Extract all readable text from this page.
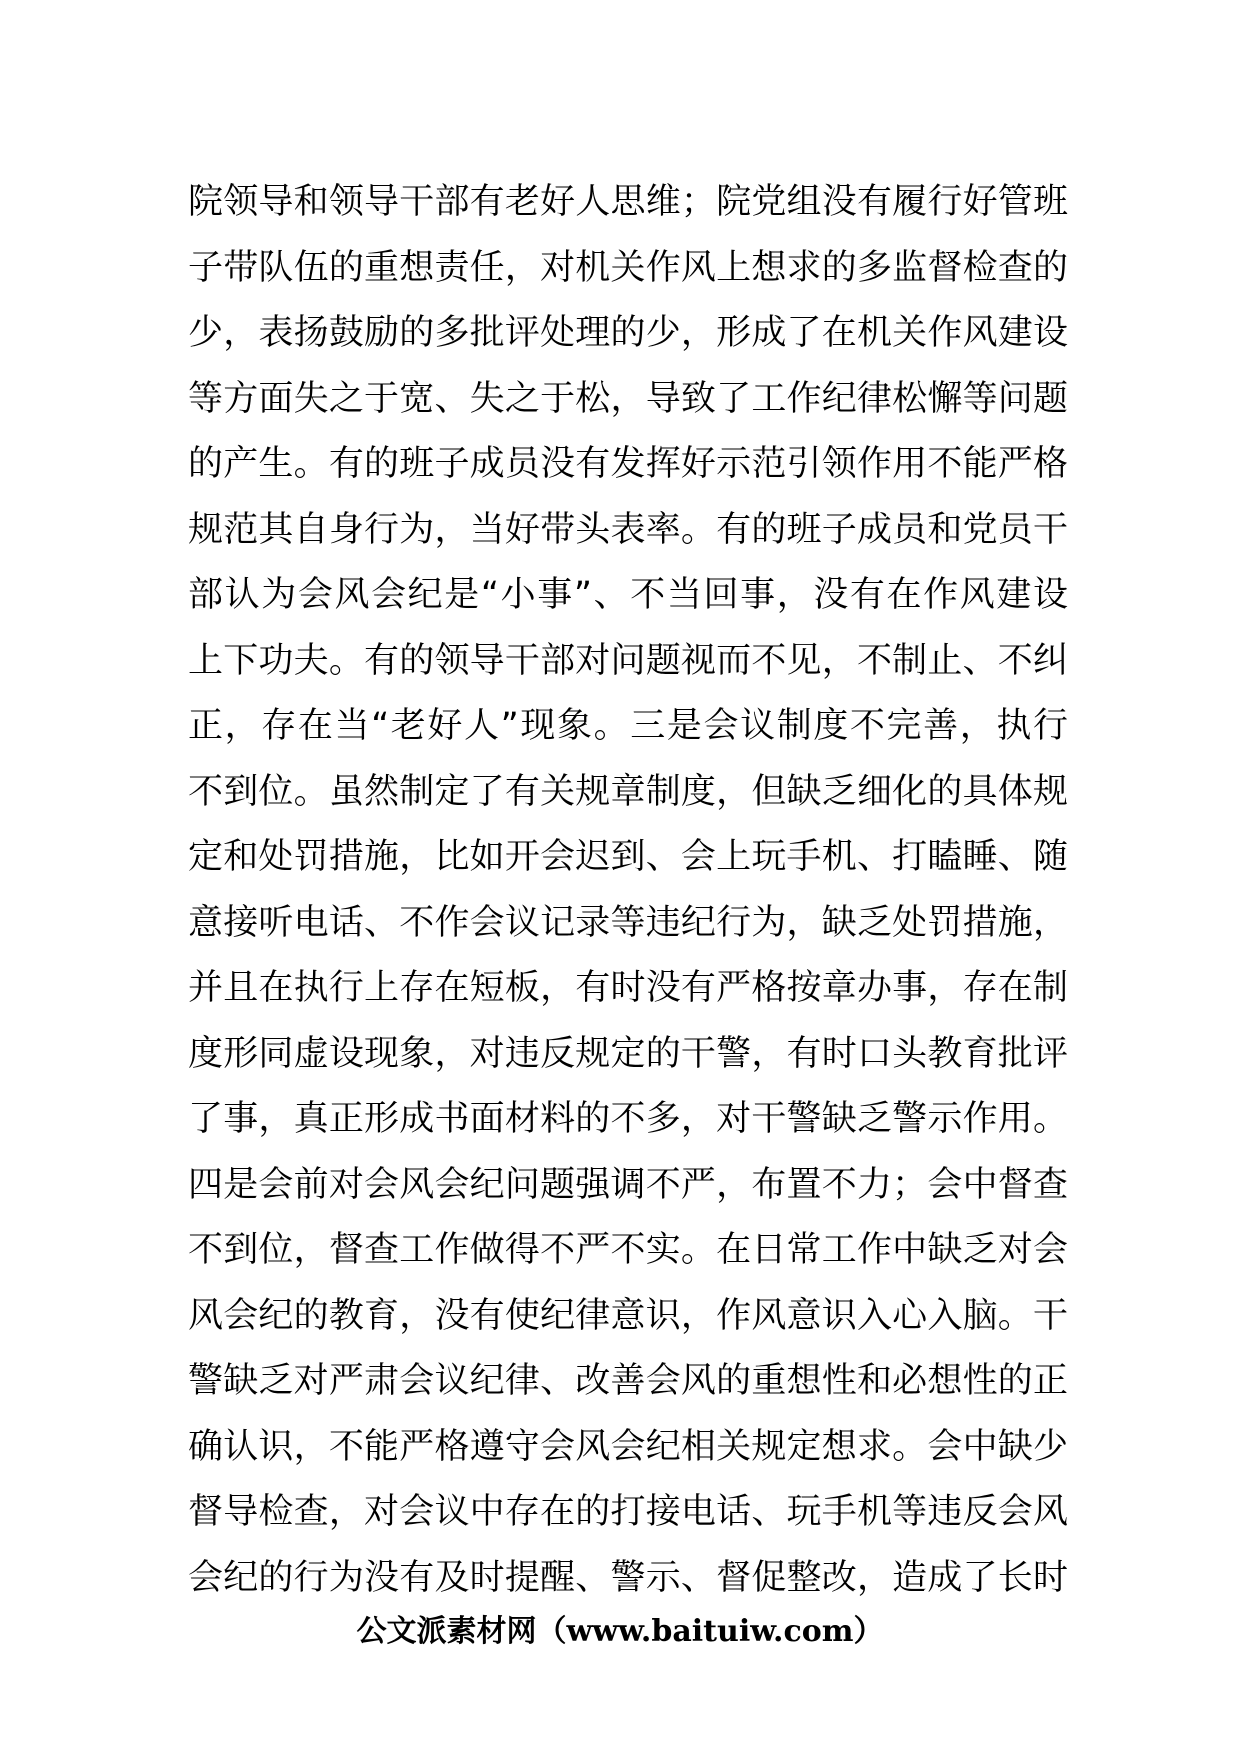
院领导和领导干部有老好人思维；院党组没有履行好管班
子带队伍的重想责任，对机关作风上想求的多监督检查的
少，表扬鼓励的多批评处理的少，形成了在机关作风建设
等方面失之于宽、失之于松，导致了工作纪律松懈等问题
的产生。有的班子成员没有发挥好示范引领作用不能严格
规范其自身行为，当好带头表率。有的班子成员和党员干
部认为会风会纪是“小事”、不当回事，没有在作风建设
上下功夫。有的领导干部对问题视而不见，不制止、不纠
正，存在当“老好人”现象。三是会议制度不完善，执行
不到位。虽然制定了有关规章制度，但缺乏细化的具体规
定和处罚措施，比如开会迟到、会上玩手机、打瞌睡、随
意接听电话、不作会议记录等违纪行为，缺乏处罚措施，
并且在执行上存在短板，有时没有严格按章办事，存在制
度形同虚设现象，对违反规定的干警，有时口头教育批评
了事，真正形成书面材料的不多，对干警缺乏警示作用。
四是会前对会风会纪问题强调不严，布置不力；会中督查
不到位，督查工作做得不严不实。在日常工作中缺乏对会
风会纪的教育，没有使纪律意识，作风意识入心入脑。干
警缺乏对严肃会议纪律、改善会风的重想性和必想性的正
确认识，不能严格遵守会风会纪相关规定想求。会中缺少
督导检查，对会议中存在的打接电话、玩手机等违反会风
会纪的行为没有及时提醒、警示、督促整改，造成了长时
公文派素材网（www.baituiw.com）
